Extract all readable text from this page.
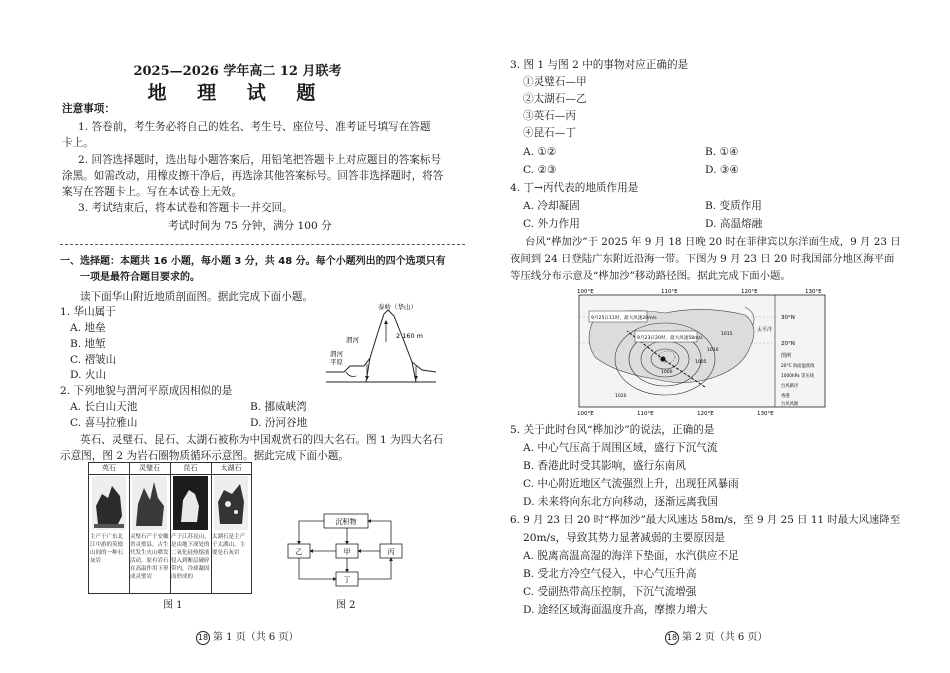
2025—2026 学年高二 12 月联考
地 理 试 题
注意事项：
1. 答卷前，考生务必将自己的姓名、考生号、座位号、准考证号填写在答题
卡上。
2. 回答选择题时，选出每小题答案后，用铅笔把答题卡上对应题目的答案标号
涂黑。如需改动，用橡皮擦干净后，再选涂其他答案标号。回答非选择题时，将答
案写在答题卡上。写在本试卷上无效。
3. 考试结束后，将本试卷和答题卡一并交回。
考试时间为 75 分钟，满分 100 分
一、选择题：本题共 16 小题，每小题 3 分，共 48 分。每个小题列出的四个选项只有
一项是最符合题目要求的。
读下面华山附近地质剖面图。据此完成下面小题。
1. 华山属于
A. 地垒
B. 地堑
C. 褶皱山
D. 火山
泰岭（华山）
2 160 m
渭河
渭河
平原
2. 下列地貌与渭河平原成因相似的是
A. 长白山天池	B. 挪威峡湾
C. 喜马拉雅山	D. 汾河谷地
英石、灵璧石、昆石、太湖石被称为中国观赏石的四大名石。图 1 为四大名石
示意图，图 2 为岩石圈物质循环示意图。据此完成下面小题。
英石
主产于广东北江中游的英德山间的一种石灰岩
灵璧石
灵璧石产于安徽省灵璧县，古生代发生火山喷发活动，原有岩石在高温作用下形成灵璧岩
昆石
产于江苏昆山。是由地下深处的二氧化硅热熔液侵入到断层破碎带内，冷却凝固而形成的
太湖石
太湖石是主产于太湖山，主要是石灰岩
图 1
沉积物
乙	甲	丙
丁
图 2
18 第 1 页（共 6 页）
3. 图 1 与图 2 中的事物对应正确的是
①灵璧石—甲
②太湖石—乙
③英石—丙
④昆石—丁
A. ①②	B. ①④
C. ②③	D. ③④
4. 丁→丙代表的地质作用是
A. 冷却凝固	B. 变质作用
C. 外力作用	D. 高温熔融
台风“桦加沙”于 2025 年 9 月 18 日晚 20 时在菲律宾以东洋面生成，9 月 23 日
夜间到 24 日登陆广东附近沿海一带。下图为 9 月 23 日 20 时我国部分地区海平面
等压线分布示意及“桦加沙”移动路径图。据此完成下面小题。
100°E	110°E	120°E	130°E
100°E	110°E	120°E	130°E
20°N
30°N
9月25日11时，最大风速20m/s
9月23日20时，最大风速58m/s
1000
1005
1010
1015
1020
太平洋
图例
20°C 海面温度线
1000hPa 等压线
台风路径
香港
台风风圈
5. 关于此时台风“桦加沙”的说法，正确的是
A. 中心气压高于周围区域，盛行下沉气流
B. 香港此时受其影响，盛行东南风
C. 中心附近地区气流强烈上升，出现狂风暴雨
D. 未来将向东北方向移动，逐渐远离我国
6. 9 月 23 日 20 时“桦加沙”最大风速达 58m/s，至 9 月 25 日 11 时最大风速降至
20m/s，导致其势力显著减弱的主要原因是
A. 脱离高温高湿的海洋下垫面，水汽供应不足
B. 受北方冷空气侵入，中心气压升高
C. 受副热带高压控制，下沉气流增强
D. 途经区域海面温度升高，摩擦力增大
18 第 2 页（共 6 页）
